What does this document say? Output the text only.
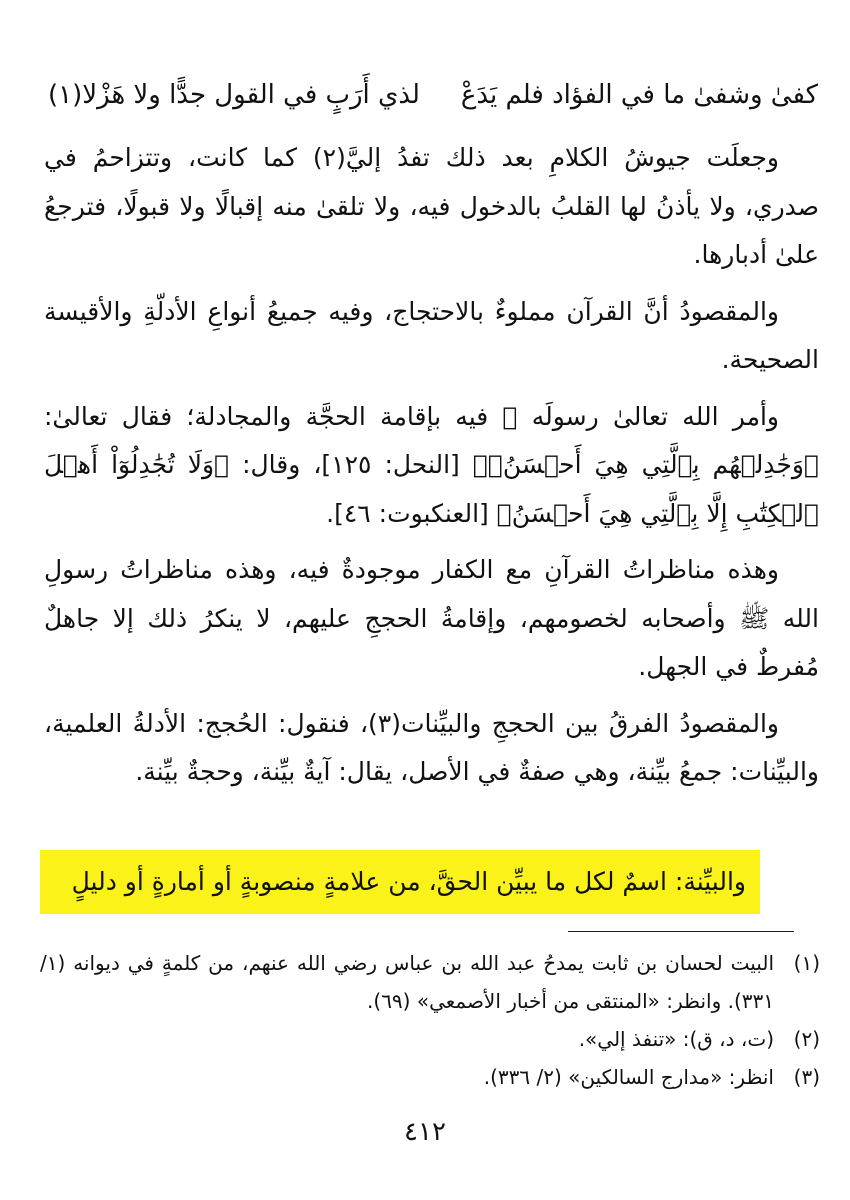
كفىٰ وشفىٰ ما في الفؤاد فلم يَدَعْ
لذي أَرَبٍ في القول جدًّا ولا هَزْلا(١)

وجعلَت جيوشُ الكلامِ بعد ذلك تفدُ إليَّ(٢) كما كانت، وتتزاحمُ في صدري، ولا يأذنُ لها القلبُ بالدخول فيه، ولا تلقىٰ منه إقبالًا ولا قبولًا، فترجعُ علىٰ أدبارها.

والمقصودُ أنَّ القرآن مملوءٌ بالاحتجاج، وفيه جميعُ أنواعِ الأدلّةِ والأقيسة الصحيحة.

وأمر الله تعالىٰ رسولَه ﷺ فيه بإقامة الحجَّة والمجادلة؛ فقال تعالىٰ: ﴿وَجَٰدِلۡهُم بِٱلَّتِي هِيَ أَحۡسَنُۚ﴾ [النحل: ١٢٥]، وقال: ﴿وَلَا تُجَٰدِلُوٓاْ أَهۡلَ ٱلۡكِتَٰبِ إِلَّا بِٱلَّتِي هِيَ أَحۡسَنُ﴾ [العنكبوت: ٤٦].

وهذه مناظراتُ القرآنِ مع الكفار موجودةٌ فيه، وهذه مناظراتُ رسولِ الله ﷺ وأصحابه لخصومهم، وإقامةُ الحججِ عليهم، لا ينكرُ ذلك إلا جاهلٌ مُفرطٌ في الجهل.

والمقصودُ الفرقُ بين الحججِ والبيِّنات(٣)، فنقول: الحُجج: الأدلةُ العلمية، والبيِّنات: جمعُ بيِّنة، وهي صفةٌ في الأصل، يقال: آيةٌ بيِّنة، وحجةٌ بيِّنة.

والبيِّنة: اسمٌ لكل ما يبيِّن الحقَّ، من علامةٍ منصوبةٍ أو أمارةٍ أو دليلٍ
(١)
البيت لحسان بن ثابت يمدحُ عبد الله بن عباس رضي الله عنهم، من كلمةٍ في ديوانه (١/ ٣٣١). وانظر: «المنتقى من أخبار الأصمعي» (٦٩).
(٢)
(ت، د، ق): «تنفذ إلي».
(٣)
انظر: «مدارج السالكين» (٢/ ٣٣٦).
٤١٢
